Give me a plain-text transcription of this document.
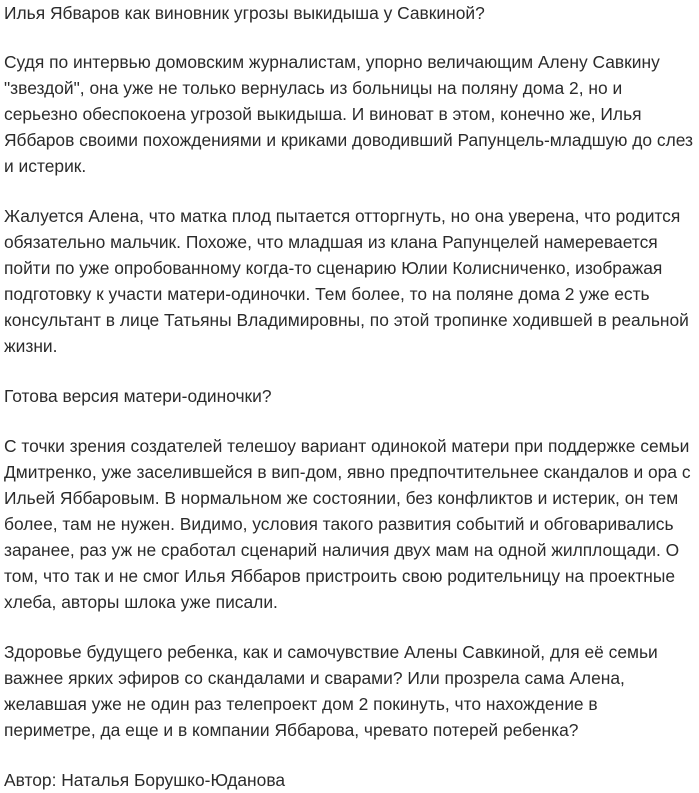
Илья Ябваров как виновник угрозы выкидыша у Савкиной?

Судя по интервью домовским журналистам, упорно величающим Алену Савкину "звездой", она уже не только вернулась из больницы на поляну дома 2, но и серьезно обеспокоена угрозой выкидыша. И виноват в этом, конечно же, Илья Яббаров своими похождениями и криками доводивший Рапунцель-младшую до слез и истерик.

Жалуется Алена, что матка плод пытается отторгнуть, но она уверена, что родится обязательно мальчик. Похоже, что младшая из клана Рапунцелей намеревается пойти по уже опробованному когда-то сценарию Юлии Колисниченко, изображая подготовку к участи матери-одиночки. Тем более, то на поляне дома 2 уже есть консультант в лице Татьяны Владимировны, по этой тропинке ходившей в реальной жизни.

Готова версия матери-одиночки?

С точки зрения создателей телешоу вариант одинокой матери при поддержке семьи Дмитренко, уже заселившейся в вип-дом, явно предпочтительнее скандалов и ора с Ильей Яббаровым. В нормальном же состоянии, без конфликтов и истерик, он тем более, там не нужен. Видимо, условия такого развития событий и обговаривались заранее, раз уж не сработал сценарий наличия двух мам на одной жилплощади. О том, что так и не смог Илья Яббаров пристроить свою родительницу на проектные хлеба, авторы шлока уже писали.

Здоровье будущего ребенка, как и самочувствие Алены Савкиной, для её семьи важнее ярких эфиров со скандалами и сварами? Или прозрела сама Алена, желавшая уже не один раз телепроект дом 2 покинуть, что нахождение в периметре, да еще и в компании Яббарова, чревато потерей ребенка?

Автор: Наталья Борушко-Юданова
